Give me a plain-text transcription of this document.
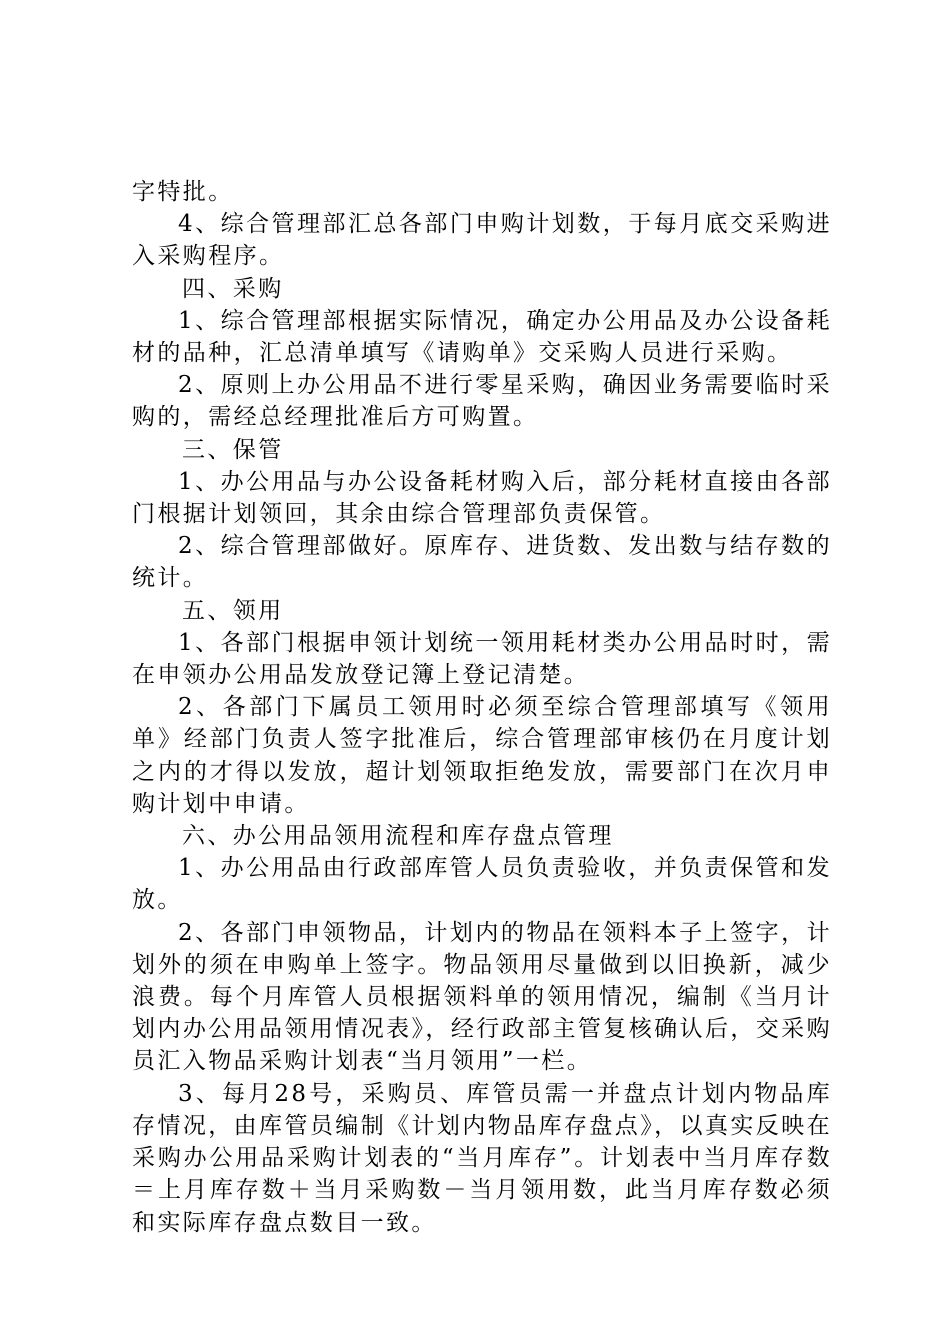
字特批。

4、综合管理部汇总各部门申购计划数，于每月底交采购进入采购程序。

四、采购

1、综合管理部根据实际情况，确定办公用品及办公设备耗材的品种，汇总清单填写《请购单》交采购人员进行采购。

2、原则上办公用品不进行零星采购，确因业务需要临时采购的，需经总经理批准后方可购置。

三、保管

1、办公用品与办公设备耗材购入后，部分耗材直接由各部门根据计划领回，其余由综合管理部负责保管。

2、综合管理部做好。原库存、进货数、发出数与结存数的统计。

五、领用

1、各部门根据申领计划统一领用耗材类办公用品时时，需在申领办公用品发放登记簿上登记清楚。

2、各部门下属员工领用时必须至综合管理部填写《领用单》经部门负责人签字批准后，综合管理部审核仍在月度计划之内的才得以发放，超计划领取拒绝发放，需要部门在次月申购计划中申请。

六、办公用品领用流程和库存盘点管理

1、办公用品由行政部库管人员负责验收，并负责保管和发放。

2、各部门申领物品，计划内的物品在领料本子上签字，计划外的须在申购单上签字。物品领用尽量做到以旧换新，减少浪费。每个月库管人员根据领料单的领用情况，编制《当月计划内办公用品领用情况表》，经行政部主管复核确认后，交采购员汇入物品采购计划表“当月领用”一栏。

3、每月28号，采购员、库管员需一并盘点计划内物品库存情况，由库管员编制《计划内物品库存盘点》，以真实反映在采购办公用品采购计划表的“当月库存”。计划表中当月库存数＝上月库存数＋当月采购数－当月领用数，此当月库存数必须和实际库存盘点数目一致。
